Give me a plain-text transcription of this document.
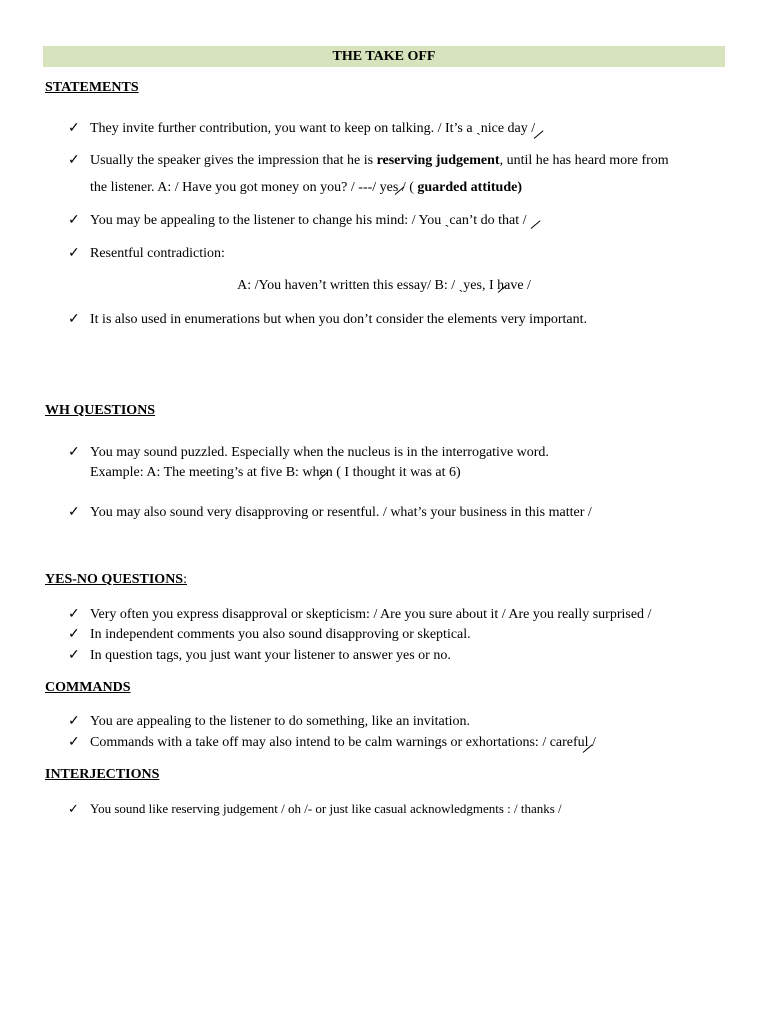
THE TAKE OFF
STATEMENTS
✓ They invite further contribution, you want to keep on talking. / It’s a ˎnice day /
✓ Usually the speaker gives the impression that he is reserving judgement, until he has heard more from
the listener. A: / Have you got money on you? / ---/ yes / ( guarded attitude)
✓ You may be appealing to the listener to change his mind: / You ˎcan’t do that /
✓ Resentful contradiction:
A: /You haven’t written this essay/ B: / ˎyes, I have /
✓ It is also used in enumerations but when you don’t consider the elements very important.
WH QUESTIONS
✓ You may sound puzzled. Especially when the nucleus is in the interrogative word.
Example: A: The meeting’s at five B: when ( I thought it was at 6)
✓ You may also sound very disapproving or resentful. / what’s your business in this matter /
YES-NO QUESTIONS:
✓ Very often you express disapproval or skepticism: / Are you sure about it / Are you really surprised /
✓ In independent comments you also sound disapproving or skeptical.
✓ In question tags, you just want your listener to answer yes or no.
COMMANDS
✓ You are appealing to the listener to do something, like an invitation.
✓ Commands with a take off may also intend to be calm warnings or exhortations: / careful /
INTERJECTIONS
✓ You sound like reserving judgement / oh /- or just like casual acknowledgments : / thanks /
